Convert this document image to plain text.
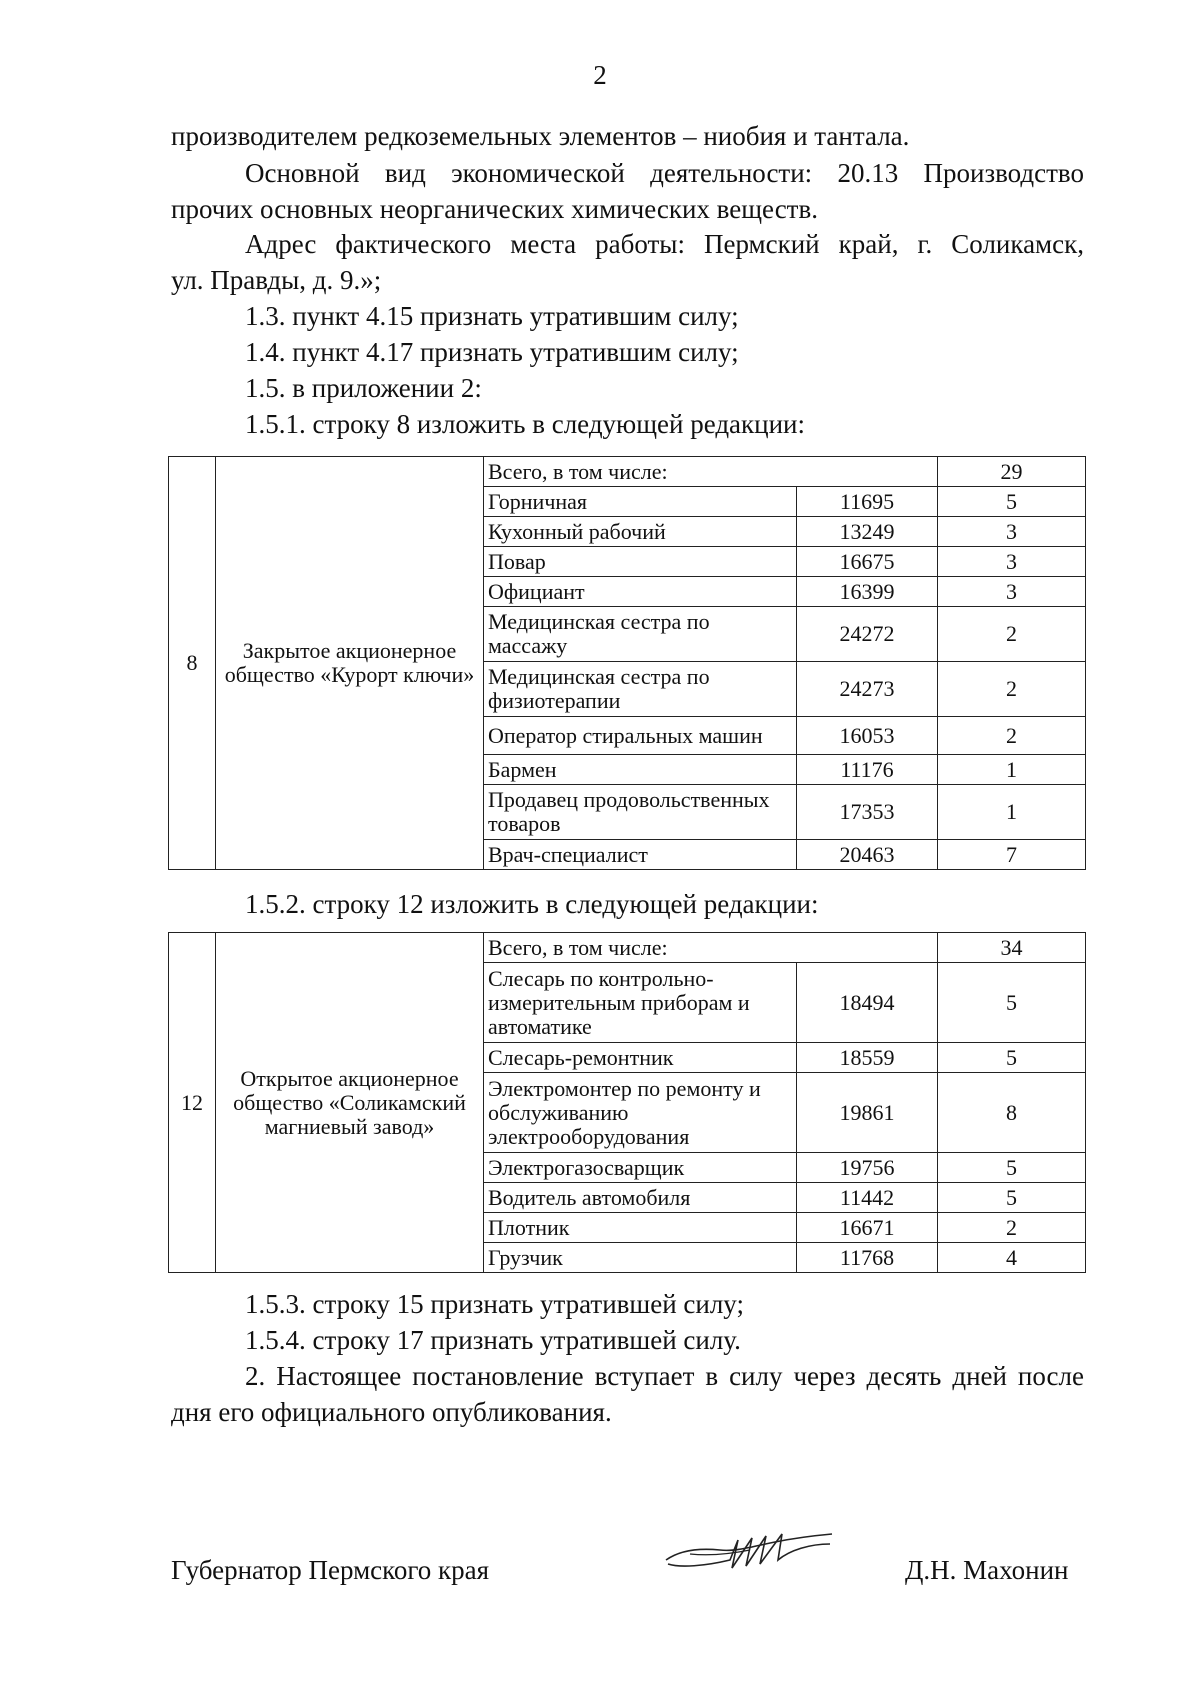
2
производителем редкоземельных элементов – ниобия и тантала.
Основной вид экономической деятельности: 20.13 Производство
прочих основных неорганических химических веществ.
Адрес фактического места работы: Пермский край, г. Соликамск,
ул. Правды, д. 9.»;
1.3. пункт 4.15 признать утратившим силу;
1.4. пункт 4.17 признать утратившим силу;
1.5. в приложении 2:
1.5.1. строку 8 изложить в следующей редакции:
8	Закрытое акционерное общество «Курорт ключи»	Всего, в том числе:		29
		Горничная	11695	5
		Кухонный рабочий	13249	3
		Повар	16675	3
		Официант	16399	3
		Медицинская сестра по массажу	24272	2
		Медицинская сестра по физиотерапии	24273	2
		Оператор стиральных машин	16053	2
		Бармен	11176	1
		Продавец продовольственных товаров	17353	1
		Врач-специалист	20463	7
1.5.2. строку 12 изложить в следующей редакции:
12	Открытое акционерное общество «Соликамский магниевый завод»	Всего, в том числе:		34
		Слесарь по контрольно-измерительным приборам и автоматике	18494	5
		Слесарь-ремонтник	18559	5
		Электромонтер по ремонту и обслуживанию электрооборудования	19861	8
		Электрогазосварщик	19756	5
		Водитель автомобиля	11442	5
		Плотник	16671	2
		Грузчик	11768	4
1.5.3. строку 15 признать утратившей силу;
1.5.4. строку 17 признать утратившей силу.
2. Настоящее постановление вступает в силу через десять дней после
дня его официального опубликования.
Губернатор Пермского края	Д.Н. Махонин
